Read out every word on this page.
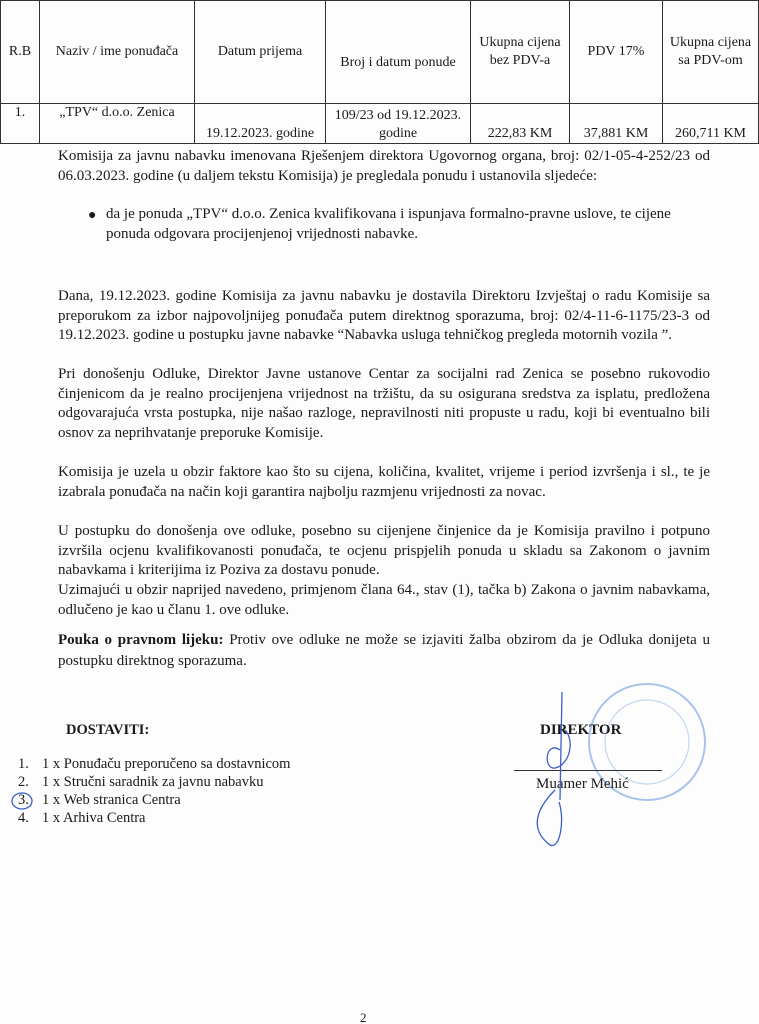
R.B	Naziv / ime ponuđača	Datum prijema	Broj i datum ponude	Ukupna cijena bez PDV-a	PDV 17%	Ukupna cijena sa PDV-om
1.	„TPV“ d.o.o. Zenica	19.12.2023. godine	109/23 od 19.12.2023. godine	222,83 KM	37,881 KM	260,711 KM
Komisija za javnu nabavku imenovana Rješenjem direktora Ugovornog organa, broj: 02/1-05-4-252/23 od 06.03.2023. godine (u daljem tekstu Komisija) je pregledala ponudu i ustanovila sljedeće:
● da je ponuda „TPV“ d.o.o. Zenica kvalifikovana i ispunjava formalno-pravne uslove, te cijene ponuda odgovara procijenjenoj vrijednosti nabavke.
Dana, 19.12.2023. godine Komisija za javnu nabavku je dostavila Direktoru Izvještaj o radu Komisije sa preporukom za izbor najpovoljnijeg ponuđača putem direktnog sporazuma, broj: 02/4-11-6-1175/23-3 od 19.12.2023. godine u postupku javne nabavke “Nabavka usluga tehničkog pregleda motornih vozila ”.
Pri donošenju Odluke, Direktor Javne ustanove Centar za socijalni rad Zenica se posebno rukovodio činjenicom da je realno procijenjena vrijednost na tržištu, da su osigurana sredstva za isplatu, predložena odgovarajuća vrsta postupka, nije našao razloge, nepravilnosti niti propuste u radu, koji bi eventualno bili osnov za neprihvatanje preporuke Komisije.
Komisija je uzela u obzir faktore kao što su cijena, količina, kvalitet, vrijeme i period izvršenja i sl., te je izabrala ponuđača na način koji garantira najbolju razmjenu vrijednosti za novac.
U postupku do donošenja ove odluke, posebno su cijenjene činjenice da je Komisija pravilno i potpuno izvršila ocjenu kvalifikovanosti ponuđača, te ocjenu prispjelih ponuda u skladu sa Zakonom o javnim nabavkama i kriterijima iz Poziva za dostavu ponude.
Uzimajući u obzir naprijed navedeno, primjenom člana 64., stav (1), tačka b) Zakona o javnim nabavkama, odlučeno je kao u članu 1. ove odluke.
Pouka o pravnom lijeku: Protiv ove odluke ne može se izjaviti žalba obzirom da je Odluka donijeta u postupku direktnog sporazuma.
DOSTAVITI:
1. 1 x Ponuđaču preporučeno sa dostavnicom
2. 1 x Stručni saradnik za javnu nabavku
3. 1 x Web stranica Centra
4. 1 x Arhiva Centra
DIREKTOR
Muamer Mehić
2
